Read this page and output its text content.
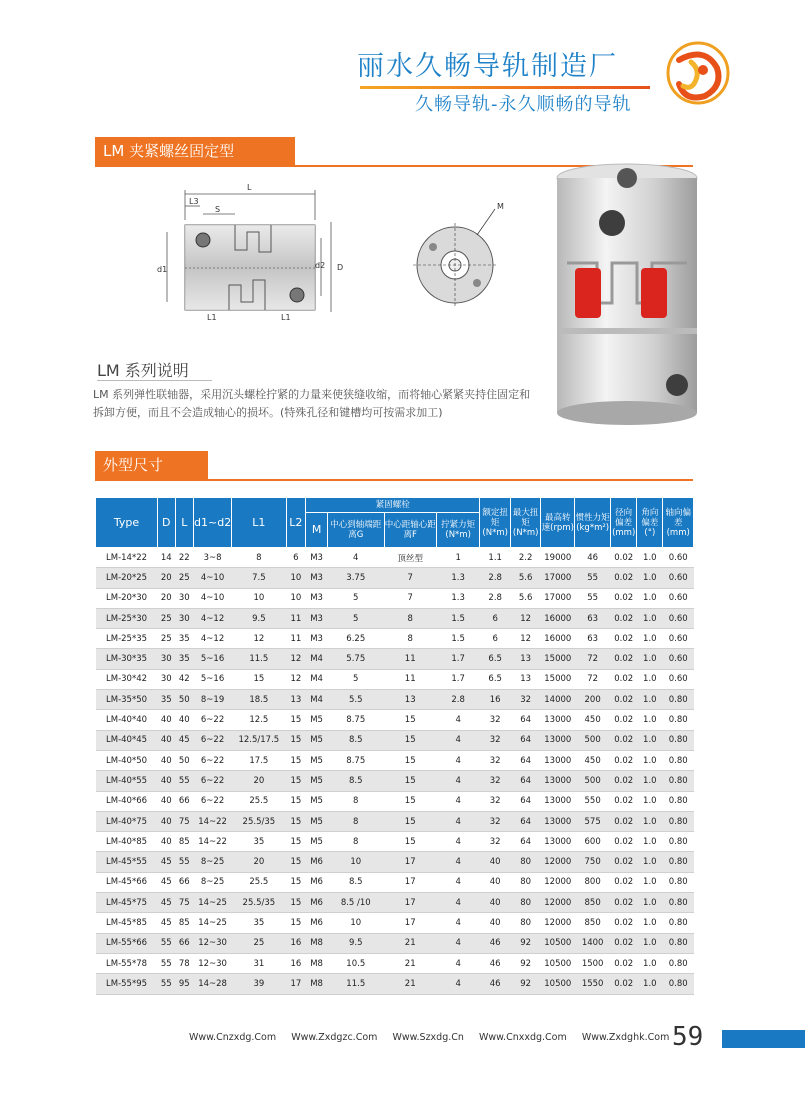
丽水久畅导轨制造厂
久畅导轨-永久顺畅的导轨
LM 夹紧螺丝固定型
L
L3
S
L1	L1
d1	d2 D
M
LM 系列说明
LM 系列弹性联轴器，采用沉头螺栓拧紧的力量来使狭缝收缩，而将轴心紧紧夹持住固定和拆卸方便，而且不会造成轴心的损坏。(特殊孔径和键槽均可按需求加工)
外型尺寸
Type	D	L	d1~d2	L1	L2	紧固螺栓				额定扭矩(N*m)	最大扭矩(N*m)	最高转速(rpm)	惯性力矩(kg*m²)	径向偏差(mm)	角向偏差(°)	轴向偏差(mm)
						M	中心到轴端距离G	中心距轴心距离F	拧紧力矩(N*m)							
LM-14*22	14	22	3~8	8	6	M3	4	顶丝型	1	1.1	2.2	19000	46	0.02	1.0	0.60
LM-20*25	20	25	4~10	7.5	10	M3	3.75	7	1.3	2.8	5.6	17000	55	0.02	1.0	0.60
LM-20*30	20	30	4~10	10	10	M3	5	7	1.3	2.8	5.6	17000	55	0.02	1.0	0.60
LM-25*30	25	30	4~12	9.5	11	M3	5	8	1.5	6	12	16000	63	0.02	1.0	0.60
LM-25*35	25	35	4~12	12	11	M3	6.25	8	1.5	6	12	16000	63	0.02	1.0	0.60
LM-30*35	30	35	5~16	11.5	12	M4	5.75	11	1.7	6.5	13	15000	72	0.02	1.0	0.60
LM-30*42	30	42	5~16	15	12	M4	5	11	1.7	6.5	13	15000	72	0.02	1.0	0.60
LM-35*50	35	50	8~19	18.5	13	M4	5.5	13	2.8	16	32	14000	200	0.02	1.0	0.80
LM-40*40	40	40	6~22	12.5	15	M5	8.75	15	4	32	64	13000	450	0.02	1.0	0.80
LM-40*45	40	45	6~22	12.5/17.5	15	M5	8.5	15	4	32	64	13000	500	0.02	1.0	0.80
LM-40*50	40	50	6~22	17.5	15	M5	8.75	15	4	32	64	13000	450	0.02	1.0	0.80
LM-40*55	40	55	6~22	20	15	M5	8.5	15	4	32	64	13000	500	0.02	1.0	0.80
LM-40*66	40	66	6~22	25.5	15	M5	8	15	4	32	64	13000	550	0.02	1.0	0.80
LM-40*75	40	75	14~22	25.5/35	15	M5	8	15	4	32	64	13000	575	0.02	1.0	0.80
LM-40*85	40	85	14~22	35	15	M5	8	15	4	32	64	13000	600	0.02	1.0	0.80
LM-45*55	45	55	8~25	20	15	M6	10	17	4	40	80	12000	750	0.02	1.0	0.80
LM-45*66	45	66	8~25	25.5	15	M6	8.5	17	4	40	80	12000	800	0.02	1.0	0.80
LM-45*75	45	75	14~25	25.5/35	15	M6	8.5 /10	17	4	40	80	12000	850	0.02	1.0	0.80
LM-45*85	45	85	14~25	35	15	M6	10	17	4	40	80	12000	850	0.02	1.0	0.80
LM-55*66	55	66	12~30	25	16	M8	9.5	21	4	46	92	10500	1400	0.02	1.0	0.80
LM-55*78	55	78	12~30	31	16	M8	10.5	21	4	46	92	10500	1500	0.02	1.0	0.80
LM-55*95	55	95	14~28	39	17	M8	11.5	21	4	46	92	10500	1550	0.02	1.0	0.80
Www.Cnzxdg.Com Www.Zxdgzc.Com Www.Szxdg.Cn Www.Cnxxdg.Com Www.Zxdghk.Com 59
